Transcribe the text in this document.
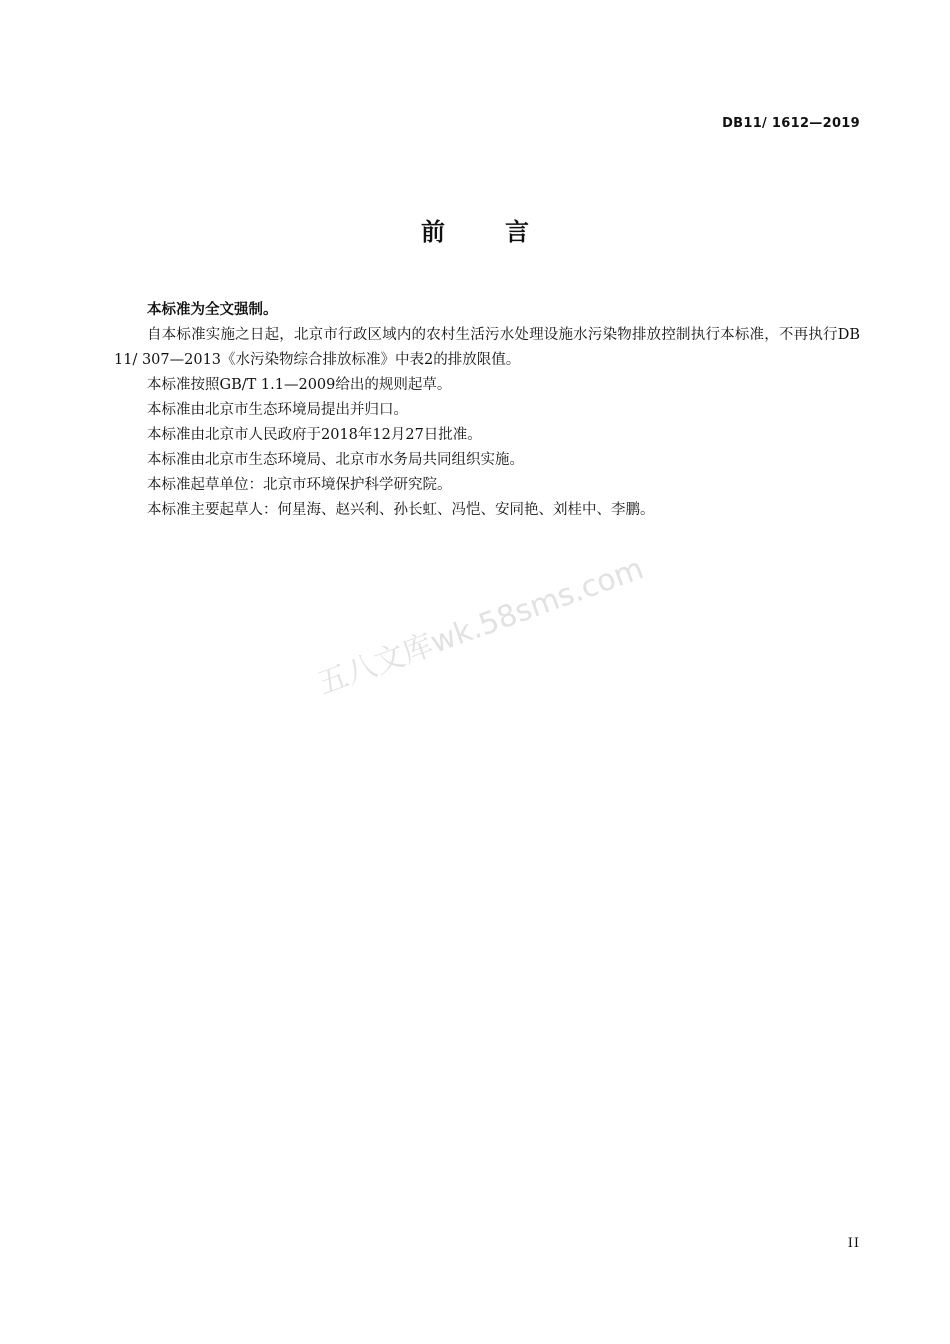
DB11/ 1612—2019
前言

本标准为全文强制。

自本标准实施之日起，北京市行政区域内的农村生活污水处理设施水污染物排放控制执行本标准，不再执行DB 11/ 307—2013《水污染物综合排放标准》中表2的排放限值。

本标准按照GB/T 1.1—2009给出的规则起草。

本标准由北京市生态环境局提出并归口。

本标准由北京市人民政府于2018年12月27日批准。

本标准由北京市生态环境局、北京市水务局共同组织实施。

本标准起草单位：北京市环境保护科学研究院。

本标准主要起草人：何星海、赵兴利、孙长虹、冯恺、安同艳、刘桂中、李鹏。

五八文库wk.58sms.com
II
